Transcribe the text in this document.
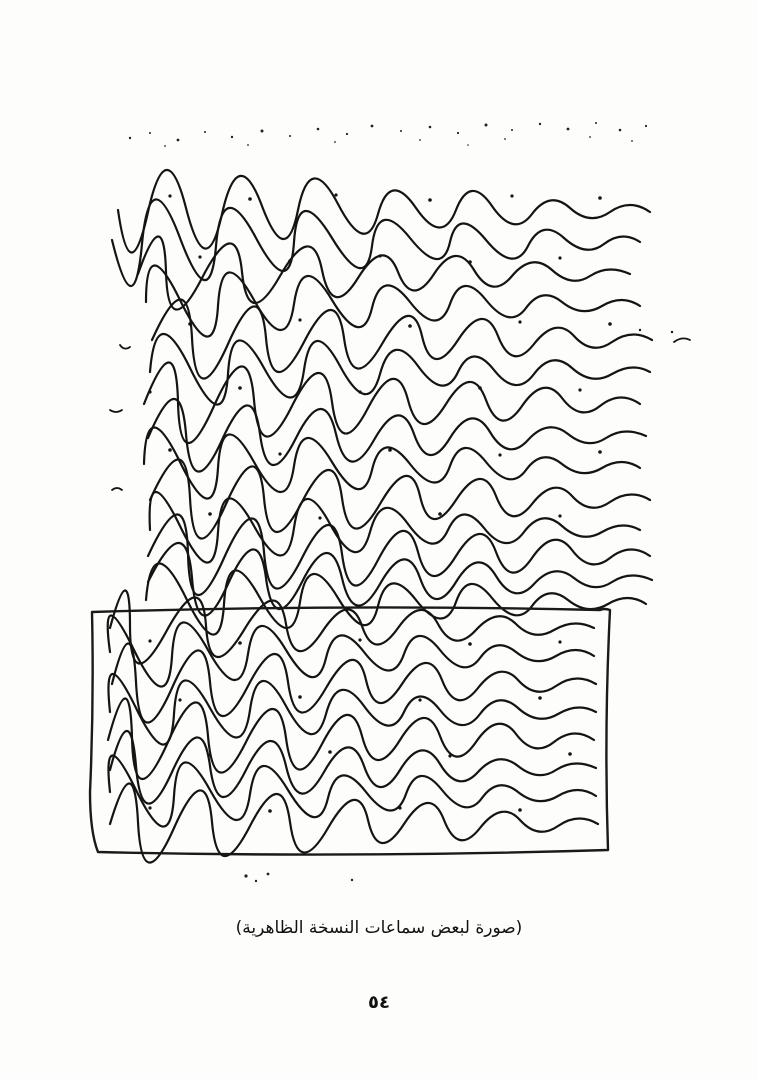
(صورة لبعض سماعات النسخة الظاهرية)
٥٤
